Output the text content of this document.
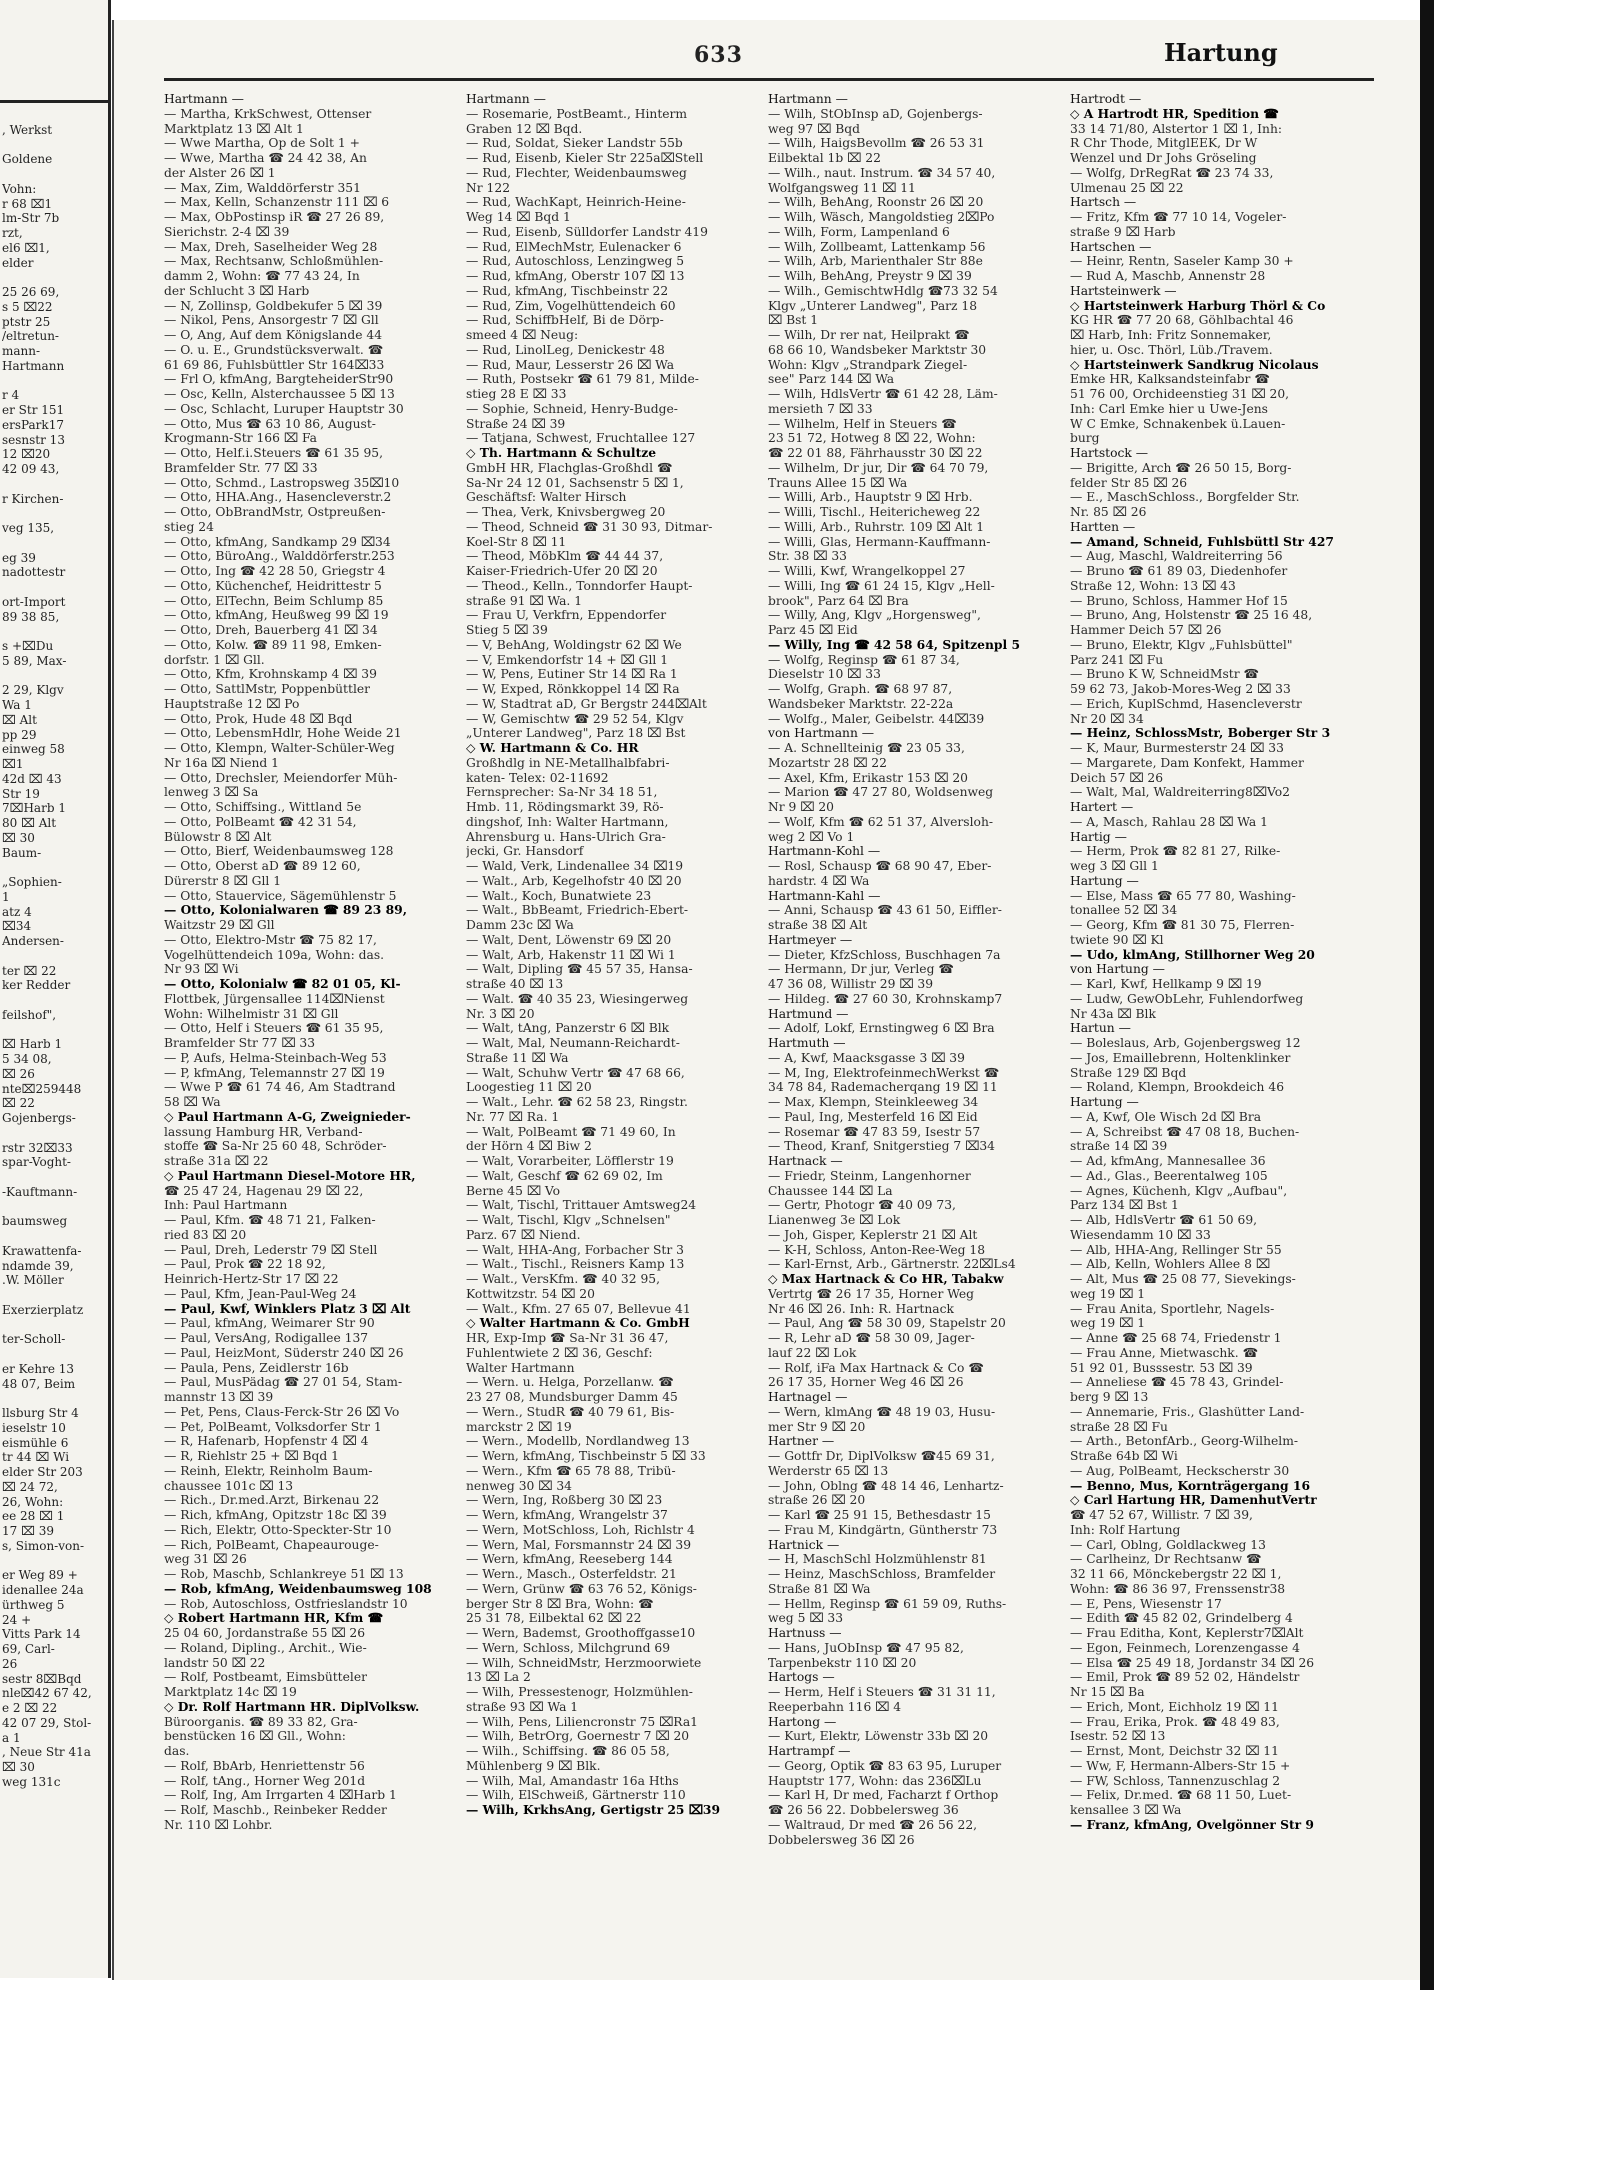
, Werkst
Goldene
Vohn:
r 68 ⌧1
lm-Str 7b
rzt,
el6 ⌧1,
elder
25 26 69,
s 5 ⌧22
ptstr 25
/eltretun-
mann-
Hartmann
r 4
er Str 151
ersPark17
sesnstr 13
12 ⌧20
42 09 43,
r Kirchen-
veg 135,
eg 39
nadottestr
ort-Import
89 38 85,
s +⌧Du
5 89, Max-
2 29, Klgv
Wa 1
⌧ Alt
pp 29
einweg 58
⌧1
42d ⌧ 43
Str 19
7⌧Harb 1
80 ⌧ Alt
⌧ 30
Baum-
„Sophien-
1
atz 4
⌧34
Andersen-
ter ⌧ 22
ker Redder
feilshof",
⌧ Harb 1
5 34 08,
⌧ 26
nte⌧259448
⌧ 22
Gojenbergs-
rstr 32⌧33
spar-Voght-
-Kauftmann-
baumsweg
Krawattenfa-
ndamde 39,
.W. Möller
Exerzierplatz
ter-Scholl-
er Kehre 13
48 07, Beim
llsburg Str 4
ieselstr 10
eismühle 6
tr 44 ⌧ Wi
elder Str 203
⌧ 24 72,
26, Wohn:
ee 28 ⌧ 1
17 ⌧ 39
s, Simon-von-
er Weg 89 +
idenallee 24a
ürthweg 5
24 +
Vitts Park 14
69, Carl-
26
sestr 8⌧Bqd
nle⌧42 67 42,
e 2 ⌧ 22
42 07 29, Stol-
a 1
, Neue Str 41a
⌧ 30
weg 131c
633	Hartung
Hartmann —
— Martha, KrkSchwest, Ottenser
Marktplatz 13 ⌧ Alt 1
— Wwe Martha, Op de Solt 1 +
— Wwe, Martha ☎ 24 42 38, An
der Alster 26 ⌧ 1
— Max, Zim, Walddörferstr 351
— Max, Kelln, Schanzenstr 111 ⌧ 6
— Max, ObPostinsp iR ☎ 27 26 89,
Sierichstr. 2-4 ⌧ 39
— Max, Dreh, Saselheider Weg 28
— Max, Rechtsanw, Schloßmühlen-
damm 2, Wohn: ☎ 77 43 24, In
der Schlucht 3 ⌧ Harb
— N, Zollinsp, Goldbekufer 5 ⌧ 39
— Nikol, Pens, Ansorgestr 7 ⌧ Gll
— O, Ang, Auf dem Königslande 44
— O. u. E., Grundstücksverwalt. ☎
61 69 86, Fuhlsbüttler Str 164⌧33
— Frl O, kfmAng, BargteheiderStr90
— Osc, Kelln, Alsterchaussee 5 ⌧ 13
— Osc, Schlacht, Luruper Hauptstr 30
— Otto, Mus ☎ 63 10 86, August-
Krogmann-Str 166 ⌧ Fa
— Otto, Helf.i.Steuers ☎ 61 35 95,
Bramfelder Str. 77 ⌧ 33
— Otto, Schmd., Lastropsweg 35⌧10
— Otto, HHA.Ang., Hasencleverstr.2
— Otto, ObBrandMstr, Ostpreußen-
stieg 24
— Otto, kfmAng, Sandkamp 29 ⌧34
— Otto, BüroAng., Walddörferstr.253
— Otto, Ing ☎ 42 28 50, Griegstr 4
— Otto, Küchenchef, Heidrittestr 5
— Otto, ElTechn, Beim Schlump 85
— Otto, kfmAng, Heußweg 99 ⌧ 19
— Otto, Dreh, Bauerberg 41 ⌧ 34
— Otto, Kolw. ☎ 89 11 98, Emken-
dorfstr. 1 ⌧ Gll.
— Otto, Kfm, Krohnskamp 4 ⌧ 39
— Otto, SattlMstr, Poppenbüttler
Hauptstraße 12 ⌧ Po
— Otto, Prok, Hude 48 ⌧ Bqd
— Otto, LebensmHdlr, Hohe Weide 21
— Otto, Klempn, Walter-Schüler-Weg
Nr 16a ⌧ Niend 1
— Otto, Drechsler, Meiendorfer Müh-
lenweg 3 ⌧ Sa
— Otto, Schiffsing., Wittland 5e
— Otto, PolBeamt ☎ 42 31 54,
Bülowstr 8 ⌧ Alt
— Otto, Bierf, Weidenbaumsweg 128
— Otto, Oberst aD ☎ 89 12 60,
Dürerstr 8 ⌧ Gll 1
— Otto, Stauervice, Sägemühlenstr 5
— Otto, Kolonialwaren ☎ 89 23 89,
Waitzstr 29 ⌧ Gll
— Otto, Elektro-Mstr ☎ 75 82 17,
Vogelhüttendeich 109a, Wohn: das.
Nr 93 ⌧ Wi
— Otto, Kolonialw ☎ 82 01 05, Kl-
Flottbek, Jürgensallee 114⌧Nienst
Wohn: Wilhelmistr 31 ⌧ Gll
— Otto, Helf i Steuers ☎ 61 35 95,
Bramfelder Str 77 ⌧ 33
— P, Aufs, Helma-Steinbach-Weg 53
— P, kfmAng, Telemannstr 27 ⌧ 19
— Wwe P ☎ 61 74 46, Am Stadtrand
58 ⌧ Wa
◇ Paul Hartmann A-G, Zweignieder-
lassung Hamburg HR, Verband-
stoffe ☎ Sa-Nr 25 60 48, Schröder-
straße 31a ⌧ 22
◇ Paul Hartmann Diesel-Motore HR,
☎ 25 47 24, Hagenau 29 ⌧ 22,
Inh: Paul Hartmann
— Paul, Kfm. ☎ 48 71 21, Falken-
ried 83 ⌧ 20
— Paul, Dreh, Lederstr 79 ⌧ Stell
— Paul, Prok ☎ 22 18 92,
Heinrich-Hertz-Str 17 ⌧ 22
— Paul, Kfm, Jean-Paul-Weg 24
— Paul, Kwf, Winklers Platz 3 ⌧ Alt
— Paul, kfmAng, Weimarer Str 90
— Paul, VersAng, Rodigallee 137
— Paul, HeizMont, Süderstr 240 ⌧ 26
— Paula, Pens, Zeidlerstr 16b
— Paul, MusPädag ☎ 27 01 54, Stam-
mannstr 13 ⌧ 39
— Pet, Pens, Claus-Ferck-Str 26 ⌧ Vo
— Pet, PolBeamt, Volksdorfer Str 1
— R, Hafenarb, Hopfenstr 4 ⌧ 4
— R, Riehlstr 25 + ⌧ Bqd 1
— Reinh, Elektr, Reinholm Baum-
chaussee 101c ⌧ 13
— Rich., Dr.med.Arzt, Birkenau 22
— Rich, kfmAng, Opitzstr 18c ⌧ 39
— Rich, Elektr, Otto-Speckter-Str 10
— Rich, PolBeamt, Chapeaurouge-
weg 31 ⌧ 26
— Rob, Maschb, Schlankreye 51 ⌧ 13
— Rob, kfmAng, Weidenbaumsweg 108
— Rob, Autoschloss, Ostfrieslandstr 10
◇ Robert Hartmann HR, Kfm ☎
25 04 60, Jordanstraße 55 ⌧ 26
— Roland, Dipling., Archit., Wie-
landstr 50 ⌧ 22
— Rolf, Postbeamt, Eimsbütteler
Marktplatz 14c ⌧ 19
◇ Dr. Rolf Hartmann HR. DiplVolksw.
Büroorganis. ☎ 89 33 82, Gra-
benstücken 16 ⌧ Gll., Wohn:
das.
— Rolf, BbArb, Henriettenstr 56
— Rolf, tAng., Horner Weg 201d
— Rolf, Ing, Am Irrgarten 4 ⌧Harb 1
— Rolf, Maschb., Reinbeker Redder
Nr. 110 ⌧ Lohbr.
Hartmann —
— Rosemarie, PostBeamt., Hinterm
Graben 12 ⌧ Bqd.
— Rud, Soldat, Sieker Landstr 55b
— Rud, Eisenb, Kieler Str 225a⌧Stell
— Rud, Flechter, Weidenbaumsweg
Nr 122
— Rud, WachKapt, Heinrich-Heine-
Weg 14 ⌧ Bqd 1
— Rud, Eisenb, Sülldorfer Landstr 419
— Rud, ElMechMstr, Eulenacker 6
— Rud, Autoschloss, Lenzingweg 5
— Rud, kfmAng, Oberstr 107 ⌧ 13
— Rud, kfmAng, Tischbeinstr 22
— Rud, Zim, Vogelhüttendeich 60
— Rud, SchiffbHelf, Bi de Dörp-
smeed 4 ⌧ Neug:
— Rud, LinolLeg, Denickestr 48
— Rud, Maur, Lesserstr 26 ⌧ Wa
— Ruth, Postsekr ☎ 61 79 81, Milde-
stieg 28 E ⌧ 33
— Sophie, Schneid, Henry-Budge-
Straße 24 ⌧ 39
— Tatjana, Schwest, Fruchtallee 127
◇ Th. Hartmann & Schultze
GmbH HR, Flachglas-Großhdl ☎
Sa-Nr 24 12 01, Sachsenstr 5 ⌧ 1,
Geschäftsf: Walter Hirsch
— Thea, Verk, Knivsbergweg 20
— Theod, Schneid ☎ 31 30 93, Ditmar-
Koel-Str 8 ⌧ 11
— Theod, MöbKlm ☎ 44 44 37,
Kaiser-Friedrich-Ufer 20 ⌧ 20
— Theod., Kelln., Tonndorfer Haupt-
straße 91 ⌧ Wa. 1
— Frau U, Verkfrn, Eppendorfer
Stieg 5 ⌧ 39
— V, BehAng, Woldingstr 62 ⌧ We
— V, Emkendorfstr 14 + ⌧ Gll 1
— W, Pens, Eutiner Str 14 ⌧ Ra 1
— W, Exped, Rönkkoppel 14 ⌧ Ra
— W, Stadtrat aD, Gr Bergstr 244⌧Alt
— W, Gemischtw ☎ 29 52 54, Klgv
„Unterer Landweg", Parz 18 ⌧ Bst
◇ W. Hartmann & Co. HR
Großhdlg in NE-Metallhalbfabri-
katen- Telex: 02-11692
Fernsprecher: Sa-Nr 34 18 51,
Hmb. 11, Rödingsmarkt 39, Rö-
dingshof, Inh: Walter Hartmann,
Ahrensburg u. Hans-Ulrich Gra-
jecki, Gr. Hansdorf
— Wald, Verk, Lindenallee 34 ⌧19
— Walt., Arb, Kegelhofstr 40 ⌧ 20
— Walt., Koch, Bunatwiete 23
— Walt., BbBeamt, Friedrich-Ebert-
Damm 23c ⌧ Wa
— Walt, Dent, Löwenstr 69 ⌧ 20
— Walt, Arb, Hakenstr 11 ⌧ Wi 1
— Walt, Dipling ☎ 45 57 35, Hansa-
straße 40 ⌧ 13
— Walt. ☎ 40 35 23, Wiesingerweg
Nr. 3 ⌧ 20
— Walt, tAng, Panzerstr 6 ⌧ Blk
— Walt, Mal, Neumann-Reichardt-
Straße 11 ⌧ Wa
— Walt, Schuhw Vertr ☎ 47 68 66,
Loogestieg 11 ⌧ 20
— Walt., Lehr. ☎ 62 58 23, Ringstr.
Nr. 77 ⌧ Ra. 1
— Walt, PolBeamt ☎ 71 49 60, In
der Hörn 4 ⌧ Biw 2
— Walt, Vorarbeiter, Löfflerstr 19
— Walt, Geschf ☎ 62 69 02, Im
Berne 45 ⌧ Vo
— Walt, Tischl, Trittauer Amtsweg24
— Walt, Tischl, Klgv „Schnelsen"
Parz. 67 ⌧ Niend.
— Walt, HHA-Ang, Forbacher Str 3
— Walt., Tischl., Reisners Kamp 13
— Walt., VersKfm. ☎ 40 32 95,
Kottwitzstr. 54 ⌧ 20
— Walt., Kfm. 27 65 07, Bellevue 41
◇ Walter Hartmann & Co. GmbH
HR, Exp-Imp ☎ Sa-Nr 31 36 47,
Fuhlentwiete 2 ⌧ 36, Geschf:
Walter Hartmann
— Wern. u. Helga, Porzellanw. ☎
23 27 08, Mundsburger Damm 45
— Wern., StudR ☎ 40 79 61, Bis-
marckstr 2 ⌧ 19
— Wern., Modellb, Nordlandweg 13
— Wern, kfmAng, Tischbeinstr 5 ⌧ 33
— Wern., Kfm ☎ 65 78 88, Tribü-
nenweg 30 ⌧ 34
— Wern, Ing, Roßberg 30 ⌧ 23
— Wern, kfmAng, Wrangelstr 37
— Wern, MotSchloss, Loh, Richlstr 4
— Wern, Mal, Forsmannstr 24 ⌧ 39
— Wern, kfmAng, Reeseberg 144
— Wern., Masch., Osterfeldstr. 21
— Wern, Grünw ☎ 63 76 52, Königs-
berger Str 8 ⌧ Bra, Wohn: ☎
25 31 78, Eilbektal 62 ⌧ 22
— Wern, Bademst, Groothoffgasse10
— Wern, Schloss, Milchgrund 69
— Wilh, SchneidMstr, Herzmoorwiete
13 ⌧ La 2
— Wilh, Pressestenogr, Holzmühlen-
straße 93 ⌧ Wa 1
— Wilh, Pens, Liliencronstr 75 ⌧Ra1
— Wilh, BetrOrg, Goernestr 7 ⌧ 20
— Wilh., Schiffsing. ☎ 86 05 58,
Mühlenberg 9 ⌧ Blk.
— Wilh, Mal, Amandastr 16a Hths
— Wilh, ElSchweiß, Gärtnerstr 110
— Wilh, KrkhsAng, Gertigstr 25 ⌧39
Hartmann —
— Wilh, StObInsp aD, Gojenbergs-
weg 97 ⌧ Bqd
— Wilh, HaigsBevollm ☎ 26 53 31
Eilbektal 1b ⌧ 22
— Wilh., naut. Instrum. ☎ 34 57 40,
Wolfgangsweg 11 ⌧ 11
— Wilh, BehAng, Roonstr 26 ⌧ 20
— Wilh, Wäsch, Mangoldstieg 2⌧Po
— Wilh, Form, Lampenland 6
— Wilh, Zollbeamt, Lattenkamp 56
— Wilh, Arb, Marienthaler Str 88e
— Wilh, BehAng, Preystr 9 ⌧ 39
— Wilh., GemischtwHdlg ☎73 32 54
Klgv „Unterer Landweg", Parz 18
⌧ Bst 1
— Wilh, Dr rer nat, Heilprakt ☎
68 66 10, Wandsbeker Marktstr 30
Wohn: Klgv „Strandpark Ziegel-
see" Parz 144 ⌧ Wa
— Wilh, HdlsVertr ☎ 61 42 28, Läm-
mersieth 7 ⌧ 33
— Wilhelm, Helf in Steuers ☎
23 51 72, Hotweg 8 ⌧ 22, Wohn:
☎ 22 01 88, Fährhausstr 30 ⌧ 22
— Wilhelm, Dr jur, Dir ☎ 64 70 79,
Trauns Allee 15 ⌧ Wa
— Willi, Arb., Hauptstr 9 ⌧ Hrb.
— Willi, Tischl., Heitericheweg 22
— Willi, Arb., Ruhrstr. 109 ⌧ Alt 1
— Willi, Glas, Hermann-Kauffmann-
Str. 38 ⌧ 33
— Willi, Kwf, Wrangelkoppel 27
— Willi, Ing ☎ 61 24 15, Klgv „Hell-
brook", Parz 64 ⌧ Bra
— Willy, Ang, Klgv „Horgensweg",
Parz 45 ⌧ Eid
— Willy, Ing ☎ 42 58 64, Spitzenpl 5
— Wolfg, Reginsp ☎ 61 87 34,
Dieselstr 10 ⌧ 33
— Wolfg, Graph. ☎ 68 97 87,
Wandsbeker Marktstr. 22-22a
— Wolfg., Maler, Geibelstr. 44⌧39
von Hartmann —
— A. Schnellteinig ☎ 23 05 33,
Mozartstr 28 ⌧ 22
— Axel, Kfm, Erikastr 153 ⌧ 20
— Marion ☎ 47 27 80, Woldsenweg
Nr 9 ⌧ 20
— Wolf, Kfm ☎ 62 51 37, Alversloh-
weg 2 ⌧ Vo 1
Hartmann-Kohl —
— Rosl, Schausp ☎ 68 90 47, Eber-
hardstr. 4 ⌧ Wa
Hartmann-Kahl —
— Anni, Schausp ☎ 43 61 50, Eiffler-
straße 38 ⌧ Alt
Hartmeyer —
— Dieter, KfzSchloss, Buschhagen 7a
— Hermann, Dr jur, Verleg ☎
47 36 08, Willistr 29 ⌧ 39
— Hildeg. ☎ 27 60 30, Krohnskamp7
Hartmund —
— Adolf, Lokf, Ernstingweg 6 ⌧ Bra
Hartmuth —
— A, Kwf, Maacksgasse 3 ⌧ 39
— M, Ing, ElektrofeinmechWerkst ☎
34 78 84, Rademacherqang 19 ⌧ 11
— Max, Klempn, Steinkleeweg 34
— Paul, Ing, Mesterfeld 16 ⌧ Eid
— Rosemar ☎ 47 83 59, Isestr 57
— Theod, Kranf, Snitgerstieg 7 ⌧34
Hartnack —
— Friedr, Steinm, Langenhorner
Chaussee 144 ⌧ La
— Gertr, Photogr ☎ 40 09 73,
Lianenweg 3e ⌧ Lok
— Joh, Gisper, Keplerstr 21 ⌧ Alt
— K-H, Schloss, Anton-Ree-Weg 18
— Karl-Ernst, Arb., Gärtnerstr. 22⌧Ls4
◇ Max Hartnack & Co HR, Tabakw
Vertrtg ☎ 26 17 35, Horner Weg
Nr 46 ⌧ 26. Inh: R. Hartnack
— Paul, Ang ☎ 58 30 09, Stapelstr 20
— R, Lehr aD ☎ 58 30 09, Jager-
lauf 22 ⌧ Lok
— Rolf, iFa Max Hartnack & Co ☎
26 17 35, Horner Weg 46 ⌧ 26
Hartnagel —
— Wern, klmAng ☎ 48 19 03, Husu-
mer Str 9 ⌧ 20
Hartner —
— Gottfr Dr, DiplVolksw ☎45 69 31,
Werderstr 65 ⌧ 13
— John, Oblng ☎ 48 14 46, Lenhartz-
straße 26 ⌧ 20
— Karl ☎ 25 91 15, Bethesdastr 15
— Frau M, Kindgärtn, Güntherstr 73
Hartnick —
— H, MaschSchl Holzmühlenstr 81
— Heinz, MaschSchloss, Bramfelder
Straße 81 ⌧ Wa
— Hellm, Reginsp ☎ 61 59 09, Ruths-
weg 5 ⌧ 33
Hartnuss —
— Hans, JuObInsp ☎ 47 95 82,
Tarpenbekstr 110 ⌧ 20
Hartogs —
— Herm, Helf i Steuers ☎ 31 31 11,
Reeperbahn 116 ⌧ 4
Hartong —
— Kurt, Elektr, Löwenstr 33b ⌧ 20
Hartrampf —
— Georg, Optik ☎ 83 63 95, Luruper
Hauptstr 177, Wohn: das 236⌧Lu
— Karl H, Dr med, Facharzt f Orthop
☎ 26 56 22. Dobbelersweg 36
— Waltraud, Dr med ☎ 26 56 22,
Dobbelersweg 36 ⌧ 26
Hartrodt —
◇ A Hartrodt HR, Spedition ☎
33 14 71/80, Alstertor 1 ⌧ 1, Inh:
R Chr Thode, MitglEEK, Dr W
Wenzel und Dr Johs Gröseling
— Wolfg, DrRegRat ☎ 23 74 33,
Ulmenau 25 ⌧ 22
Hartsch —
— Fritz, Kfm ☎ 77 10 14, Vogeler-
straße 9 ⌧ Harb
Hartschen —
— Heinr, Rentn, Saseler Kamp 30 +
— Rud A, Maschb, Annenstr 28
Hartsteinwerk —
◇ Hartsteinwerk Harburg Thörl & Co
KG HR ☎ 77 20 68, Göhlbachtal 46
⌧ Harb, Inh: Fritz Sonnemaker,
hier, u. Osc. Thörl, Lüb./Travem.
◇ Hartsteinwerk Sandkrug Nicolaus
Emke HR, Kalksandsteinfabr ☎
51 76 00, Orchideenstieg 31 ⌧ 20,
Inh: Carl Emke hier u Uwe-Jens
W C Emke, Schnakenbek ü.Lauen-
burg
Hartstock —
— Brigitte, Arch ☎ 26 50 15, Borg-
felder Str 85 ⌧ 26
— E., MaschSchloss., Borgfelder Str.
Nr. 85 ⌧ 26
Hartten —
— Amand, Schneid, Fuhlsbüttl Str 427
— Aug, Maschl, Waldreiterring 56
— Bruno ☎ 61 89 03, Diedenhofer
Straße 12, Wohn: 13 ⌧ 43
— Bruno, Schloss, Hammer Hof 15
— Bruno, Ang, Holstenstr ☎ 25 16 48,
Hammer Deich 57 ⌧ 26
— Bruno, Elektr, Klgv „Fuhlsbüttel"
Parz 241 ⌧ Fu
— Bruno K W, SchneidMstr ☎
59 62 73, Jakob-Mores-Weg 2 ⌧ 33
— Erich, KuplSchmd, Hasencleverstr
Nr 20 ⌧ 34
— Heinz, SchlossMstr, Boberger Str 3
— K, Maur, Burmesterstr 24 ⌧ 33
— Margarete, Dam Konfekt, Hammer
Deich 57 ⌧ 26
— Walt, Mal, Waldreiterring8⌧Vo2
Hartert —
— A, Masch, Rahlau 28 ⌧ Wa 1
Hartig —
— Herm, Prok ☎ 82 81 27, Rilke-
weg 3 ⌧ Gll 1
Hartung —
— Else, Mass ☎ 65 77 80, Washing-
tonallee 52 ⌧ 34
— Georg, Kfm ☎ 81 30 75, Flerren-
twiete 90 ⌧ Kl
— Udo, klmAng, Stillhorner Weg 20
von Hartung —
— Karl, Kwf, Hellkamp 9 ⌧ 19
— Ludw, GewObLehr, Fuhlendorfweg
Nr 43a ⌧ Blk
Hartun —
— Boleslaus, Arb, Gojenbergsweg 12
— Jos, Emaillebrenn, Holtenklinker
Straße 129 ⌧ Bqd
— Roland, Klempn, Brookdeich 46
Hartung —
— A, Kwf, Ole Wisch 2d ⌧ Bra
— A, Schreibst ☎ 47 08 18, Buchen-
straße 14 ⌧ 39
— Ad, kfmAng, Mannesallee 36
— Ad., Glas., Beerentalweg 105
— Agnes, Küchenh, Klgv „Aufbau",
Parz 134 ⌧ Bst 1
— Alb, HdlsVertr ☎ 61 50 69,
Wiesendamm 10 ⌧ 33
— Alb, HHA-Ang, Rellinger Str 55
— Alb, Kelln, Wohlers Allee 8 ⌧
— Alt, Mus ☎ 25 08 77, Sievekings-
weg 19 ⌧ 1
— Frau Anita, Sportlehr, Nagels-
weg 19 ⌧ 1
— Anne ☎ 25 68 74, Friedenstr 1
— Frau Anne, Mietwaschk. ☎
51 92 01, Busssestr. 53 ⌧ 39
— Anneliese ☎ 45 78 43, Grindel-
berg 9 ⌧ 13
— Annemarie, Fris., Glashütter Land-
straße 28 ⌧ Fu
— Arth., BetonfArb., Georg-Wilhelm-
Straße 64b ⌧ Wi
— Aug, PolBeamt, Heckscherstr 30
— Benno, Mus, Kornträgergang 16
◇ Carl Hartung HR, DamenhutVertr
☎ 47 52 67, Willistr. 7 ⌧ 39,
Inh: Rolf Hartung
— Carl, Oblng, Goldlackweg 13
— Carlheinz, Dr Rechtsanw ☎
32 11 66, Mönckebergstr 22 ⌧ 1,
Wohn: ☎ 86 36 97, Frenssenstr38
— E, Pens, Wiesenstr 17
— Edith ☎ 45 82 02, Grindelberg 4
— Frau Editha, Kont, Keplerstr7⌧Alt
— Egon, Feinmech, Lorenzengasse 4
— Elsa ☎ 25 49 18, Jordanstr 34 ⌧ 26
— Emil, Prok ☎ 89 52 02, Händelstr
Nr 15 ⌧ Ba
— Erich, Mont, Eichholz 19 ⌧ 11
— Frau, Erika, Prok. ☎ 48 49 83,
Isestr. 52 ⌧ 13
— Ernst, Mont, Deichstr 32 ⌧ 11
— Ww, F, Hermann-Albers-Str 15 +
— FW, Schloss, Tannenzuschlag 2
— Felix, Dr.med. ☎ 68 11 50, Luet-
kensallee 3 ⌧ Wa
— Franz, kfmAng, Ovelgönner Str 9
